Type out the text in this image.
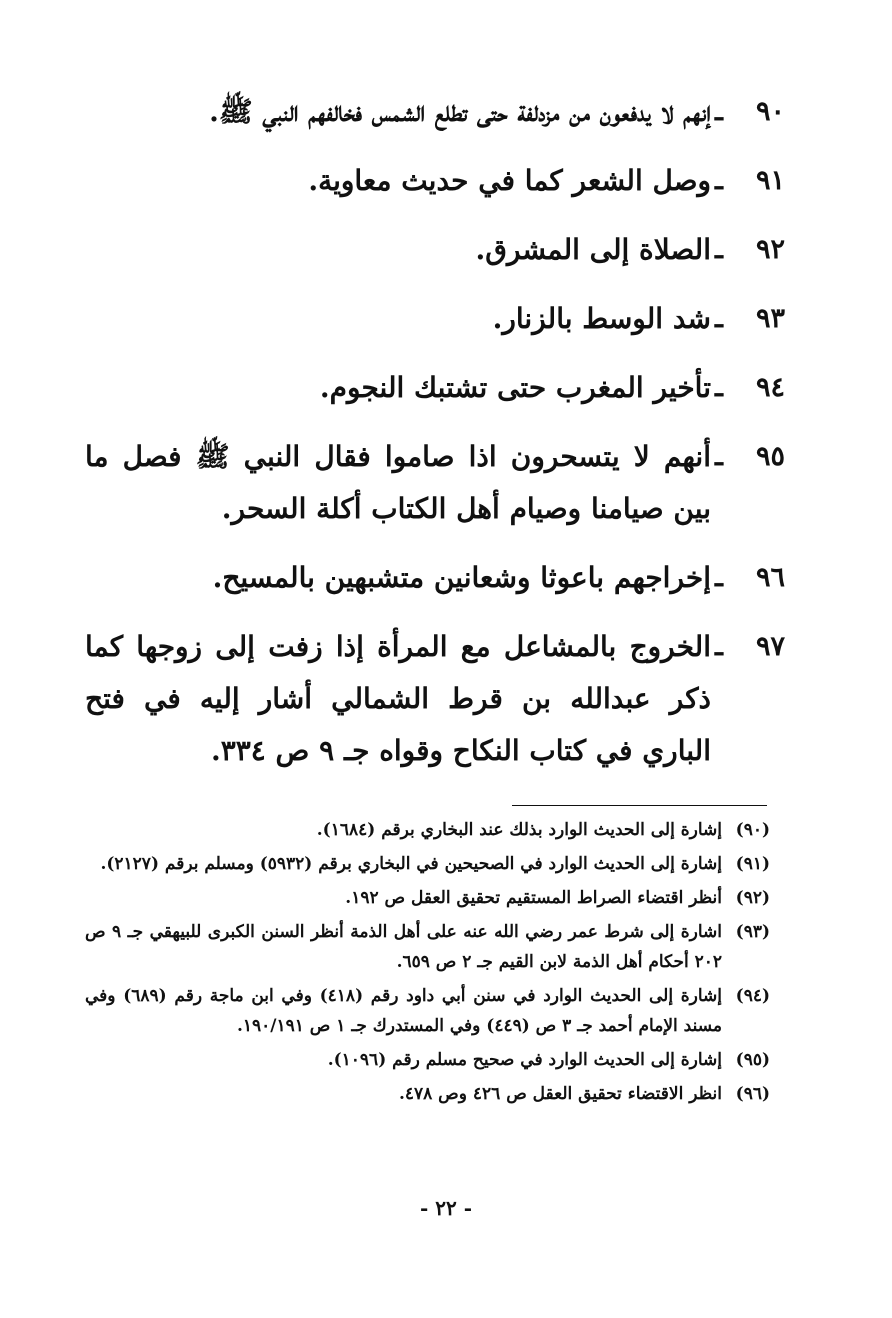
٩٠
ـ
إنهم لا يدفعون من مزدلفة حتى تطلع الشمس فخالفهم النبي ﷺ.
٩١
ـ
وصل الشعر كما في حديث معاوية.
٩٢
ـ
الصلاة إلى المشرق.
٩٣
ـ
شد الوسط بالزنار.
٩٤
ـ
تأخير المغرب حتى تشتبك النجوم.
٩٥
ـ
أنهم لا يتسحرون اذا صاموا فقال النبي ﷺ فصل ما بين صيامنا وصيام أهل الكتاب أكلة السحر.
٩٦
ـ
إخراجهم باعوثا وشعانين متشبهين بالمسيح.
٩٧
ـ
الخروج بالمشاعل مع المرأة إذا زفت إلى زوجها كما ذكر عبدالله بن قرط الشمالي أشار إليه في فتح الباري في كتاب النكاح وقواه جـ ٩ ص ٣٣٤.
(٩٠)
إشارة إلى الحديث الوارد بذلك عند البخاري برقم (١٦٨٤).
(٩١)
إشارة إلى الحديث الوارد في الصحيحين في البخاري برقم (٥٩٣٢) ومسلم برقم (٢١٢٧).
(٩٢)
أنظر اقتضاء الصراط المستقيم تحقيق العقل ص ١٩٢.
(٩٣)
اشارة إلى شرط عمر رضي الله عنه على أهل الذمة أنظر السنن الكبرى للبيهقي جـ ٩ ص ٢٠٢ أحكام أهل الذمة لابن القيم جـ ٢ ص ٦٥٩.
(٩٤)
إشارة إلى الحديث الوارد في سنن أبي داود رقم (٤١٨) وفي ابن ماجة رقم (٦٨٩) وفي مسند الإمام أحمد جـ ٣ ص (٤٤٩) وفي المستدرك جـ ١ ص ١٩٠/١٩١.
(٩٥)
إشارة إلى الحديث الوارد في صحيح مسلم رقم (١٠٩٦).
(٩٦)
انظر الاقتضاء تحقيق العقل ص ٤٢٦ وص ٤٧٨.
- ٢٢ -
